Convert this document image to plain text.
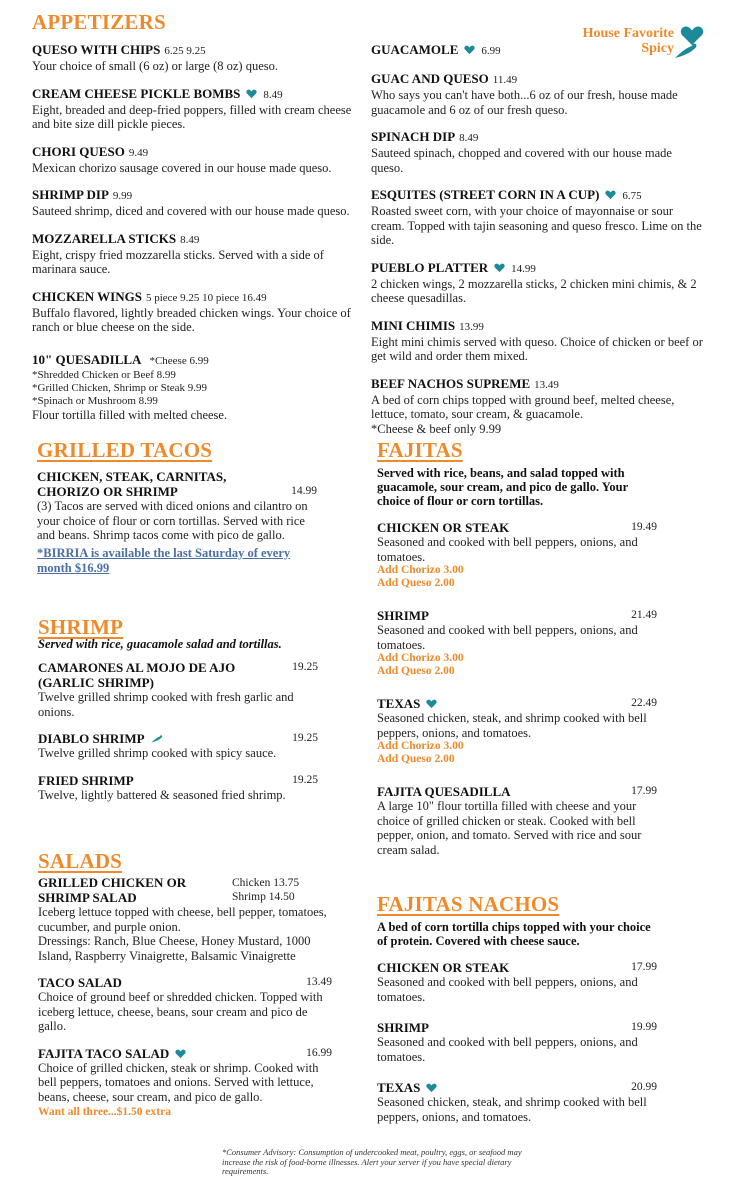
House Favorite
Spicy
APPETIZERS
QUESO WITH CHIPS 6.25 9.25
Your choice of small (6 oz) or large (8 oz) queso.
CREAM CHEESE PICKLE BOMBS 8.49
Eight, breaded and deep-fried poppers, filled with cream cheese and bite size dill pickle pieces.
CHORI QUESO 9.49
Mexican chorizo sausage covered in our house made queso.
SHRIMP DIP 9.99
Sauteed shrimp, diced and covered with our house made queso.
MOZZARELLA STICKS 8.49
Eight, crispy fried mozzarella sticks. Served with a side of marinara sauce.
CHICKEN WINGS 5 piece 9.25 10 piece 16.49
Buffalo flavored, lightly breaded chicken wings. Your choice of ranch or blue cheese on the side.
10" QUESADILLA *Cheese 6.99
*Shredded Chicken or Beef 8.99
*Grilled Chicken, Shrimp or Steak 9.99
*Spinach or Mushroom 8.99
Flour tortilla filled with melted cheese.
GUACAMOLE 6.99
GUAC AND QUESO 11.49
Who says you can't have both...6 oz of our fresh, house made guacamole and 6 oz of our fresh queso.
SPINACH DIP 8.49
Sauteed spinach, chopped and covered with our house made queso.
ESQUITES (STREET CORN IN A CUP) 6.75
Roasted sweet corn, with your choice of mayonnaise or sour cream. Topped with tajin seasoning and queso fresco. Lime on the side.
PUEBLO PLATTER 14.99
2 chicken wings, 2 mozzarella sticks, 2 chicken mini chimis, & 2 cheese quesadillas.
MINI CHIMIS 13.99
Eight mini chimis served with queso. Choice of chicken or beef or get wild and order them mixed.
BEEF NACHOS SUPREME 13.49
A bed of corn chips topped with ground beef, melted cheese, lettuce, tomato, sour cream, & guacamole.
*Cheese & beef only 9.99
GRILLED TACOS
CHICKEN, STEAK, CARNITAS,
CHORIZO OR SHRIMP	14.99
(3) Tacos are served with diced onions and cilantro on your choice of flour or corn tortillas. Served with rice and beans. Shrimp tacos come with pico de gallo.
*BIRRIA is available the last Saturday of every month $16.99
SHRIMP
Served with rice, guacamole salad and tortillas.
CAMARONES AL MOJO DE AJO (GARLIC SHRIMP)
19.25
Twelve grilled shrimp cooked with fresh garlic and onions.
DIABLO SHRIMP	19.25
Twelve grilled shrimp cooked with spicy sauce.
FRIED SHRIMP	19.25
Twelve, lightly battered & seasoned fried shrimp.
SALADS
GRILLED CHICKEN OR SHRIMP SALAD
Chicken 13.75
Shrimp 14.50
Iceberg lettuce topped with cheese, bell pepper, tomatoes, cucumber, and purple onion.
Dressings: Ranch, Blue Cheese, Honey Mustard, 1000 Island, Raspberry Vinaigrette, Balsamic Vinaigrette
TACO SALAD	13.49
Choice of ground beef or shredded chicken. Topped with iceberg lettuce, cheese, beans, sour cream and pico de gallo.
FAJITA TACO SALAD	16.99
Choice of grilled chicken, steak or shrimp. Cooked with bell peppers, tomatoes and onions. Served with lettuce, beans, cheese, sour cream, and pico de gallo.
Want all three...$1.50 extra
FAJITAS
Served with rice, beans, and salad topped with guacamole, sour cream, and pico de gallo. Your choice of flour or corn tortillas.
CHICKEN OR STEAK	19.49
Seasoned and cooked with bell peppers, onions, and tomatoes.
Add Chorizo 3.00
Add Queso 2.00
SHRIMP	21.49
Seasoned and cooked with bell peppers, onions, and tomatoes.
Add Chorizo 3.00
Add Queso 2.00
TEXAS	22.49
Seasoned chicken, steak, and shrimp cooked with bell peppers, onions, and tomatoes.
Add Chorizo 3.00
Add Queso 2.00
FAJITA QUESADILLA	17.99
A large 10" flour tortilla filled with cheese and your choice of grilled chicken or steak. Cooked with bell pepper, onion, and tomato. Served with rice and sour cream salad.
FAJITAS NACHOS
A bed of corn tortilla chips topped with your choice of protein. Covered with cheese sauce.
CHICKEN OR STEAK	17.99
Seasoned and cooked with bell peppers, onions, and tomatoes.
SHRIMP	19.99
Seasoned and cooked with bell peppers, onions, and tomatoes.
TEXAS	20.99
Seasoned chicken, steak, and shrimp cooked with bell peppers, onions, and tomatoes.
*Consumer Advisory: Consumption of undercooked meat, poultry, eggs, or seafood may increase the risk of food-borne illnesses. Alert your server if you have special dietary requirements.
